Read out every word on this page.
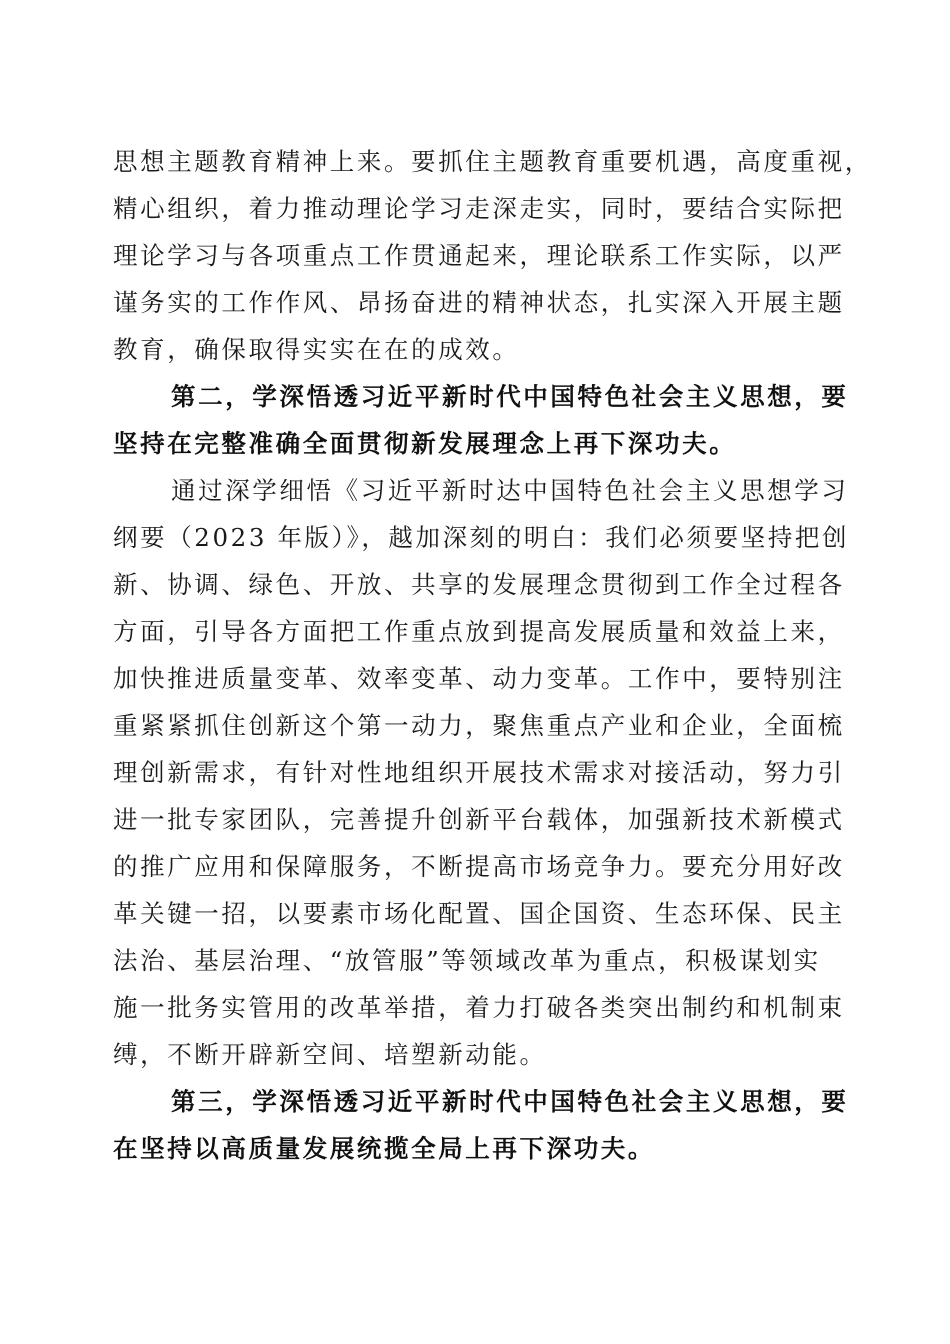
思想主题教育精神上来。要抓住主题教育重要机遇，高度重视，
精心组织，着力推动理论学习走深走实，同时，要结合实际把
理论学习与各项重点工作贯通起来，理论联系工作实际，以严
谨务实的工作作风、昂扬奋进的精神状态，扎实深入开展主题
教育，确保取得实实在在的成效。
第二，学深悟透习近平新时代中国特色社会主义思想，要
坚持在完整准确全面贯彻新发展理念上再下深功夫。
通过深学细悟《习近平新时达中国特色社会主义思想学习
纲要（2023 年版）》，越加深刻的明白：我们必须要坚持把创
新、协调、绿色、开放、共享的发展理念贯彻到工作全过程各
方面，引导各方面把工作重点放到提高发展质量和效益上来，
加快推进质量变革、效率变革、动力变革。工作中，要特别注
重紧紧抓住创新这个第一动力，聚焦重点产业和企业，全面梳
理创新需求，有针对性地组织开展技术需求对接活动，努力引
进一批专家团队，完善提升创新平台载体，加强新技术新模式
的推广应用和保障服务，不断提高市场竞争力。要充分用好改
革关键一招，以要素市场化配置、国企国资、生态环保、民主
法治、基层治理、“放管服”等领域改革为重点，积极谋划实
施一批务实管用的改革举措，着力打破各类突出制约和机制束
缚，不断开辟新空间、培塑新动能。
第三，学深悟透习近平新时代中国特色社会主义思想，要
在坚持以高质量发展统揽全局上再下深功夫。
